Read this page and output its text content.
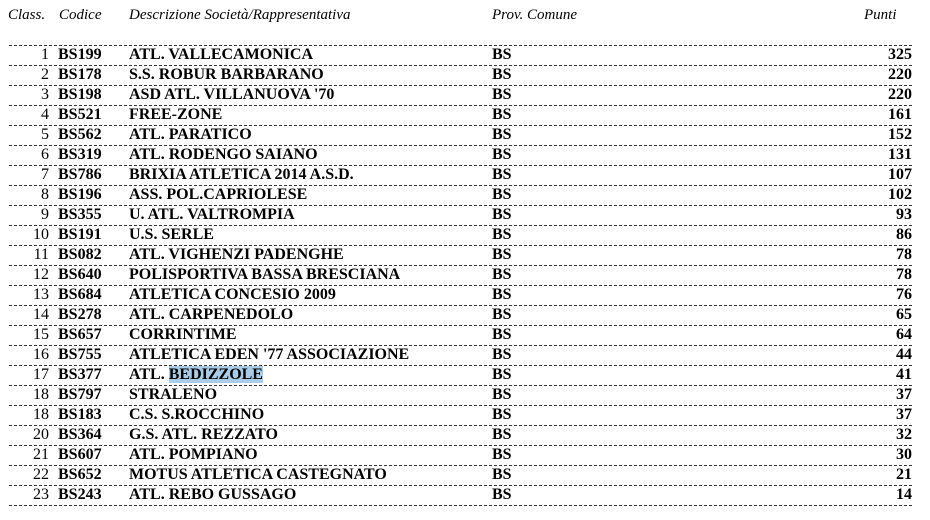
Class. Codice Descrizione Società/Rappresentativa	Prov. Comune	Punti
1 BS199 ATL. VALLECAMONICA	BS	325
2 BS178 S.S. ROBUR BARBARANO	BS	220
3 BS198 ASD ATL. VILLANUOVA '70	BS	220
4 BS521 FREE-ZONE	BS	161
5 BS562 ATL. PARATICO	BS	152
6 BS319 ATL. RODENGO SAIANO	BS	131
7 BS786 BRIXIA ATLETICA 2014 A.S.D.	BS	107
8 BS196 ASS. POL.CAPRIOLESE	BS	102
9 BS355 U. ATL. VALTROMPIA	BS	93
10 BS191 U.S. SERLE	BS	86
11 BS082 ATL. VIGHENZI PADENGHE	BS	78
12 BS640 POLISPORTIVA BASSA BRESCIANA	BS	78
13 BS684 ATLETICA CONCESIO 2009	BS	76
14 BS278 ATL. CARPENEDOLO	BS	65
15 BS657 CORRINTIME	BS	64
16 BS755 ATLETICA EDEN '77 ASSOCIAZIONE	BS	44
17 BS377 ATL. BEDIZZOLE	BS	41
18 BS797 STRALENO	BS	37
18 BS183 C.S. S.ROCCHINO	BS	37
20 BS364 G.S. ATL. REZZATO	BS	32
21 BS607 ATL. POMPIANO	BS	30
22 BS652 MOTUS ATLETICA CASTEGNATO	BS	21
23 BS243 ATL. REBO GUSSAGO	BS	14
